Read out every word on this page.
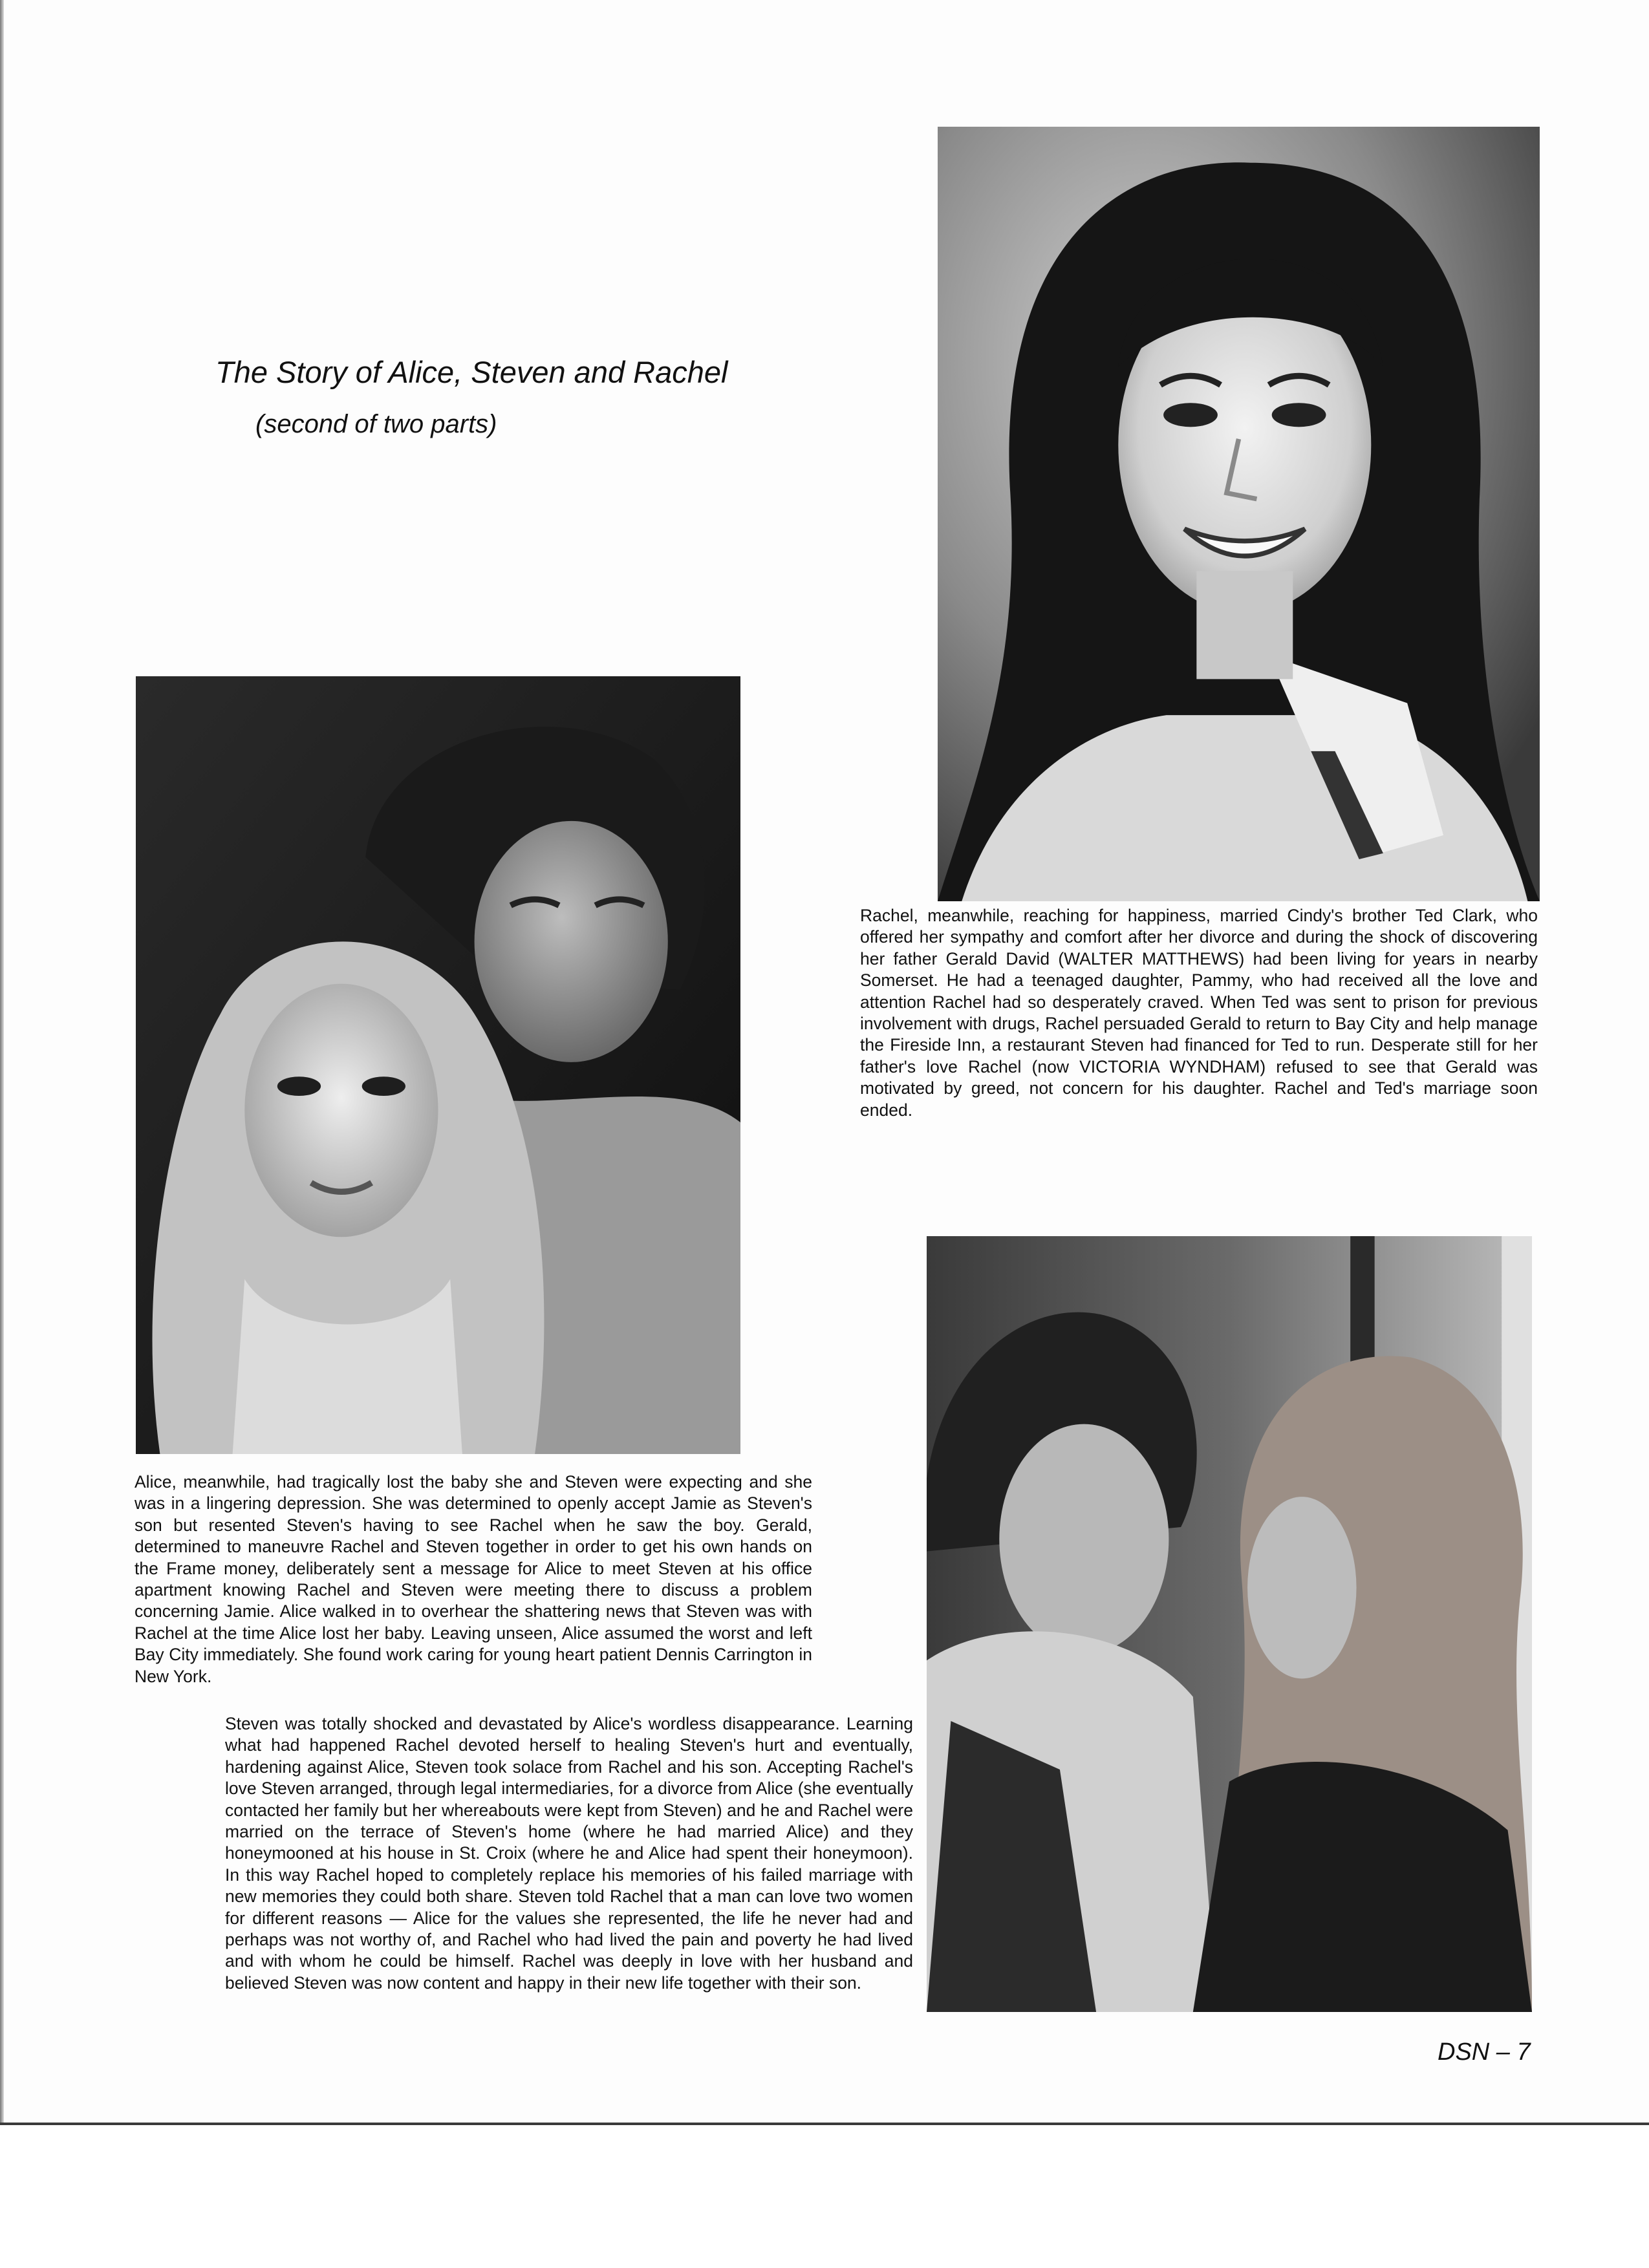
The Story of Alice, Steven and Rachel
(second of two parts)

Rachel, meanwhile, reaching for happiness, married Cindy's brother Ted Clark, who offered her sympathy and comfort after her divorce and during the shock of discovering her father Gerald David (WALTER MATTHEWS) had been living for years in nearby Somerset. He had a teenaged daughter, Pammy, who had received all the love and attention Rachel had so desperately craved. When Ted was sent to prison for previous involvement with drugs, Rachel persuaded Gerald to return to Bay City and help manage the Fireside Inn, a restaurant Steven had financed for Ted to run. Desperate still for her father's love Rachel (now VICTORIA WYNDHAM) refused to see that Gerald was motivated by greed, not concern for his daughter. Rachel and Ted's marriage soon ended.

Alice, meanwhile, had tragically lost the baby she and Steven were expecting and she was in a lingering depression. She was determined to openly accept Jamie as Steven's son but resented Steven's having to see Rachel when he saw the boy. Gerald, determined to maneuvre Rachel and Steven together in order to get his own hands on the Frame money, deliberately sent a message for Alice to meet Steven at his office apartment knowing Rachel and Steven were meeting there to discuss a problem concerning Jamie. Alice walked in to overhear the shattering news that Steven was with Rachel at the time Alice lost her baby. Leaving unseen, Alice assumed the worst and left Bay City immediately. She found work caring for young heart patient Dennis Carrington in New York.

Steven was totally shocked and devastated by Alice's wordless disappearance. Learning what had happened Rachel devoted herself to healing Steven's hurt and eventually, hardening against Alice, Steven took solace from Rachel and his son. Accepting Rachel's love Steven arranged, through legal intermediaries, for a divorce from Alice (she eventually contacted her family but her whereabouts were kept from Steven) and he and Rachel were married on the terrace of Steven's home (where he had married Alice) and they honeymooned at his house in St. Croix (where he and Alice had spent their honeymoon). In this way Rachel hoped to completely replace his memories of his failed marriage with new memories they could both share. Steven told Rachel that a man can love two women for different reasons — Alice for the values she represented, the life he never had and perhaps was not worthy of, and Rachel who had lived the pain and poverty he had lived and with whom he could be himself. Rachel was deeply in love with her husband and believed Steven was now content and happy in their new life together with their son.

DSN – 7
